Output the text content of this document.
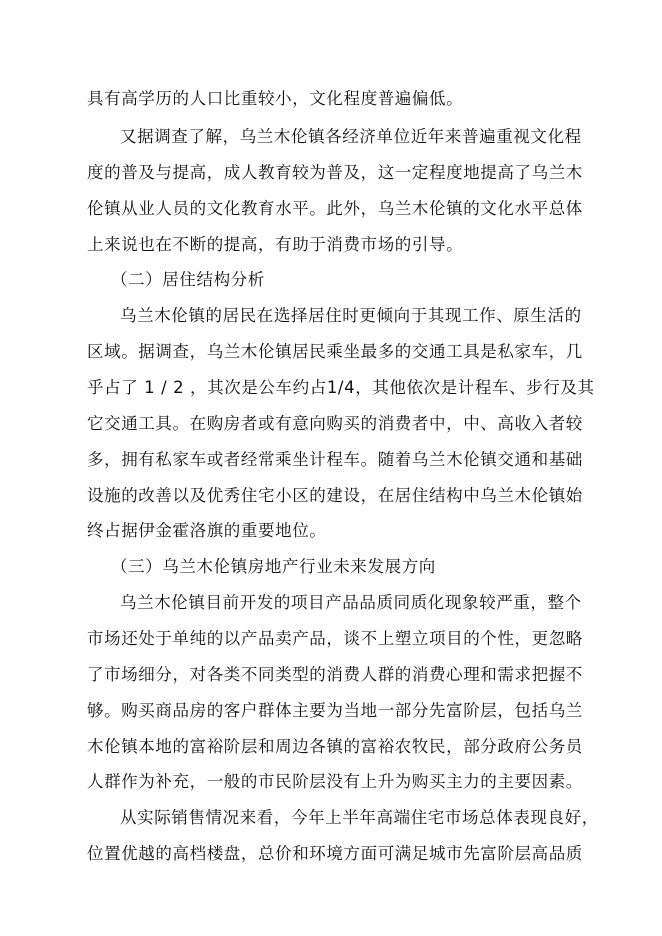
具有高学历的人口比重较小，文化程度普遍偏低。
又据调查了解，乌兰木伦镇各经济单位近年来普遍重视文化程
度的普及与提高，成人教育较为普及，这一定程度地提高了乌兰木
伦镇从业人员的文化教育水平。此外，乌兰木伦镇的文化水平总体
上来说也在不断的提高，有助于消费市场的引导。
（二）居住结构分析
乌兰木伦镇的居民在选择居住时更倾向于其现工作、原生活的
区域。据调查，乌兰木伦镇居民乘坐最多的交通工具是私家车，几
乎占了 1 / 2 ，其次是公车约占1/4，其他依次是计程车、步行及其
它交通工具。在购房者或有意向购买的消费者中，中、高收入者较
多，拥有私家车或者经常乘坐计程车。随着乌兰木伦镇交通和基础
设施的改善以及优秀住宅小区的建设，在居住结构中乌兰木伦镇始
终占据伊金霍洛旗的重要地位。
（三）乌兰木伦镇房地产行业未来发展方向
乌兰木伦镇目前开发的项目产品品质同质化现象较严重，整个
市场还处于单纯的以产品卖产品，谈不上塑立项目的个性，更忽略
了市场细分，对各类不同类型的消费人群的消费心理和需求把握不
够。购买商品房的客户群体主要为当地一部分先富阶层，包括乌兰
木伦镇本地的富裕阶层和周边各镇的富裕农牧民，部分政府公务员
人群作为补充，一般的市民阶层没有上升为购买主力的主要因素。
从实际销售情况来看，今年上半年高端住宅市场总体表现良好，
位置优越的高档楼盘，总价和环境方面可满足城市先富阶层高品质
